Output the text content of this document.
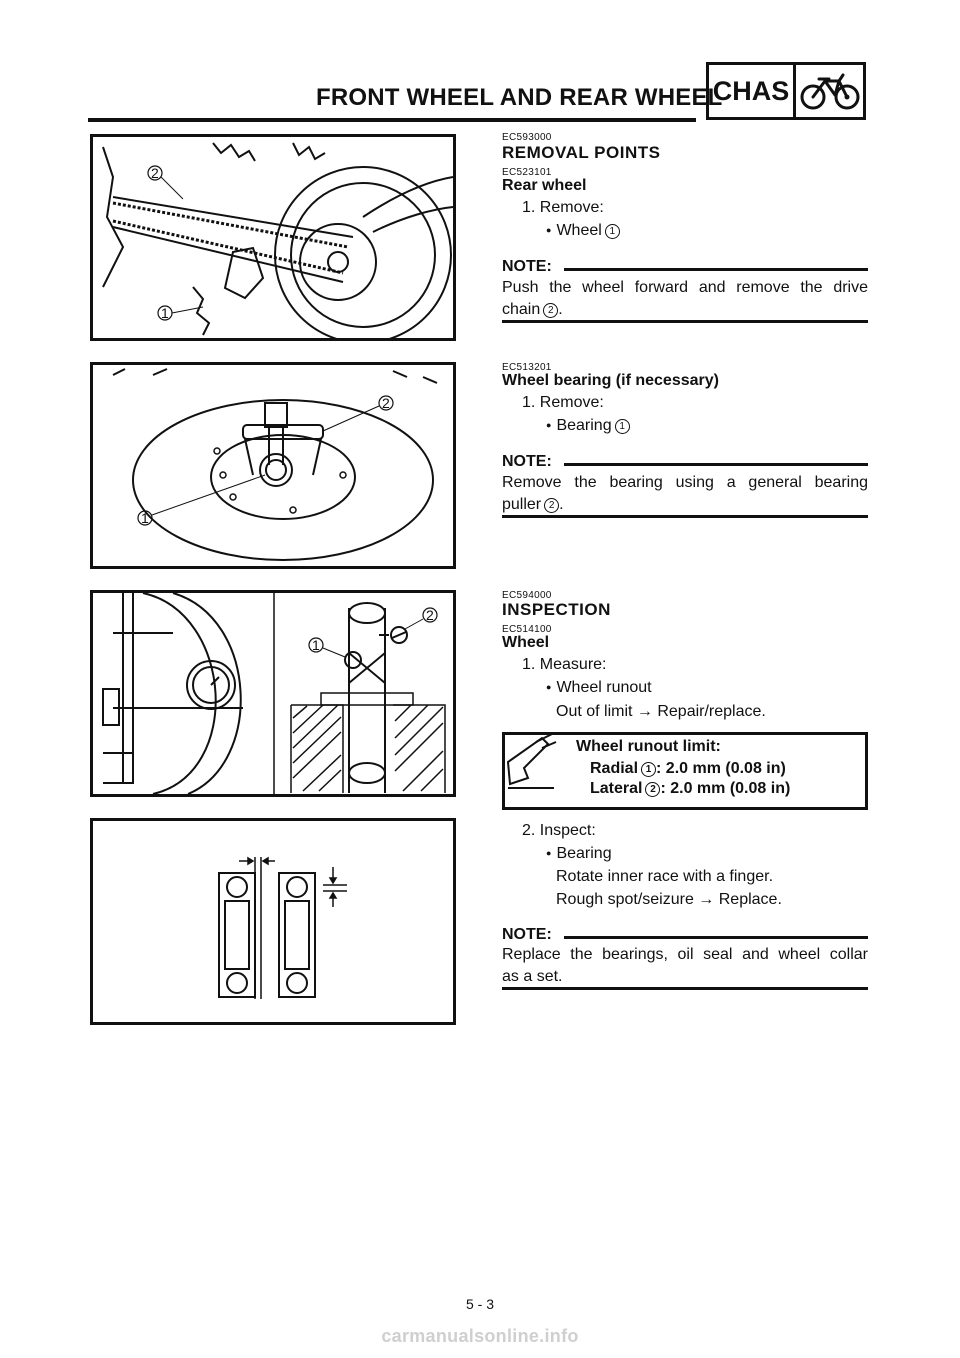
FRONT WHEEL AND REAR WHEEL
CHAS
2
1
2
1
1
2
EC593000
REMOVAL POINTS
EC523101
Rear wheel
1. Remove:
● Wheel 1
NOTE:
Push the wheel forward and remove the drive
chain 2 .
EC513201
Wheel bearing (if necessary)
1. Remove:
● Bearing 1
NOTE:
Remove the bearing using a general bearing
puller 2 .
EC594000
INSPECTION
EC514100
Wheel
1. Measure:
● Wheel runout
Out of limit → Repair/replace.
Wheel runout limit:
Radial 1 : 2.0 mm (0.08 in)
Lateral 2 : 2.0 mm (0.08 in)
2. Inspect:
● Bearing
Rotate inner race with a finger.
Rough spot/seizure → Replace.
NOTE:
Replace the bearings, oil seal and wheel collar
as a set.
5 - 3
carmanualsonline.info
